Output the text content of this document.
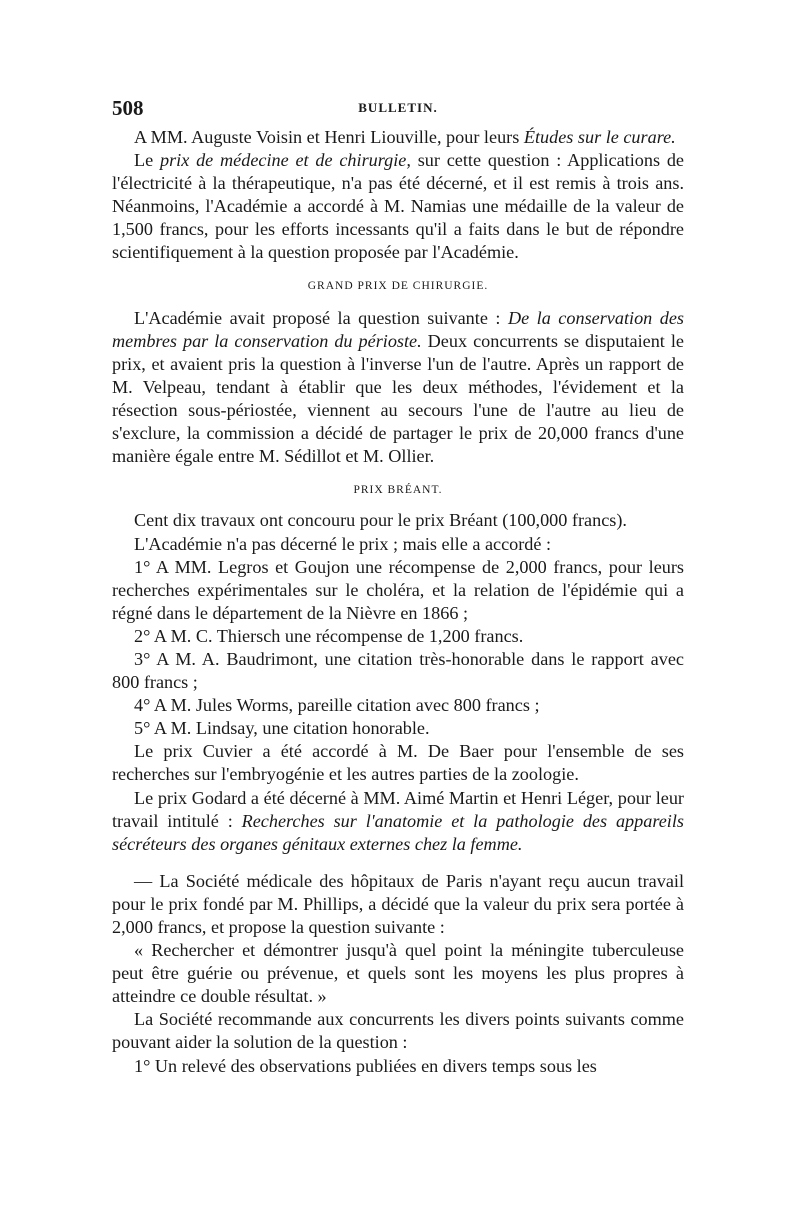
508	BULLETIN.

A MM. Auguste Voisin et Henri Liouville, pour leurs Études sur le curare.

Le prix de médecine et de chirurgie, sur cette question : Applications de l'électricité à la thérapeutique, n'a pas été décerné, et il est remis à trois ans. Néanmoins, l'Académie a accordé à M. Namias une médaille de la valeur de 1,500 francs, pour les efforts incessants qu'il a faits dans le but de répondre scientifiquement à la question proposée par l'Académie.

GRAND PRIX DE CHIRURGIE.

L'Académie avait proposé la question suivante : De la conservation des membres par la conservation du périoste. Deux concurrents se disputaient le prix, et avaient pris la question à l'inverse l'un de l'autre. Après un rapport de M. Velpeau, tendant à établir que les deux méthodes, l'évidement et la résection sous-périostée, viennent au secours l'une de l'autre au lieu de s'exclure, la commission a décidé de partager le prix de 20,000 francs d'une manière égale entre M. Sédillot et M. Ollier.

PRIX BRÉANT.

Cent dix travaux ont concouru pour le prix Bréant (100,000 francs).

L'Académie n'a pas décerné le prix ; mais elle a accordé :

1° A MM. Legros et Goujon une récompense de 2,000 francs, pour leurs recherches expérimentales sur le choléra, et la relation de l'épidémie qui a régné dans le département de la Nièvre en 1866 ;

2° A M. C. Thiersch une récompense de 1,200 francs.

3° A M. A. Baudrimont, une citation très-honorable dans le rapport avec 800 francs ;

4° A M. Jules Worms, pareille citation avec 800 francs ;

5° A M. Lindsay, une citation honorable.

Le prix Cuvier a été accordé à M. De Baer pour l'ensemble de ses recherches sur l'embryogénie et les autres parties de la zoologie.

Le prix Godard a été décerné à MM. Aimé Martin et Henri Léger, pour leur travail intitulé : Recherches sur l'anatomie et la pathologie des appareils sécréteurs des organes génitaux externes chez la femme.

— La Société médicale des hôpitaux de Paris n'ayant reçu aucun travail pour le prix fondé par M. Phillips, a décidé que la valeur du prix sera portée à 2,000 francs, et propose la question suivante :

« Rechercher et démontrer jusqu'à quel point la méningite tuberculeuse peut être guérie ou prévenue, et quels sont les moyens les plus propres à atteindre ce double résultat. »

La Société recommande aux concurrents les divers points suivants comme pouvant aider la solution de la question :

1° Un relevé des observations publiées en divers temps sous les
